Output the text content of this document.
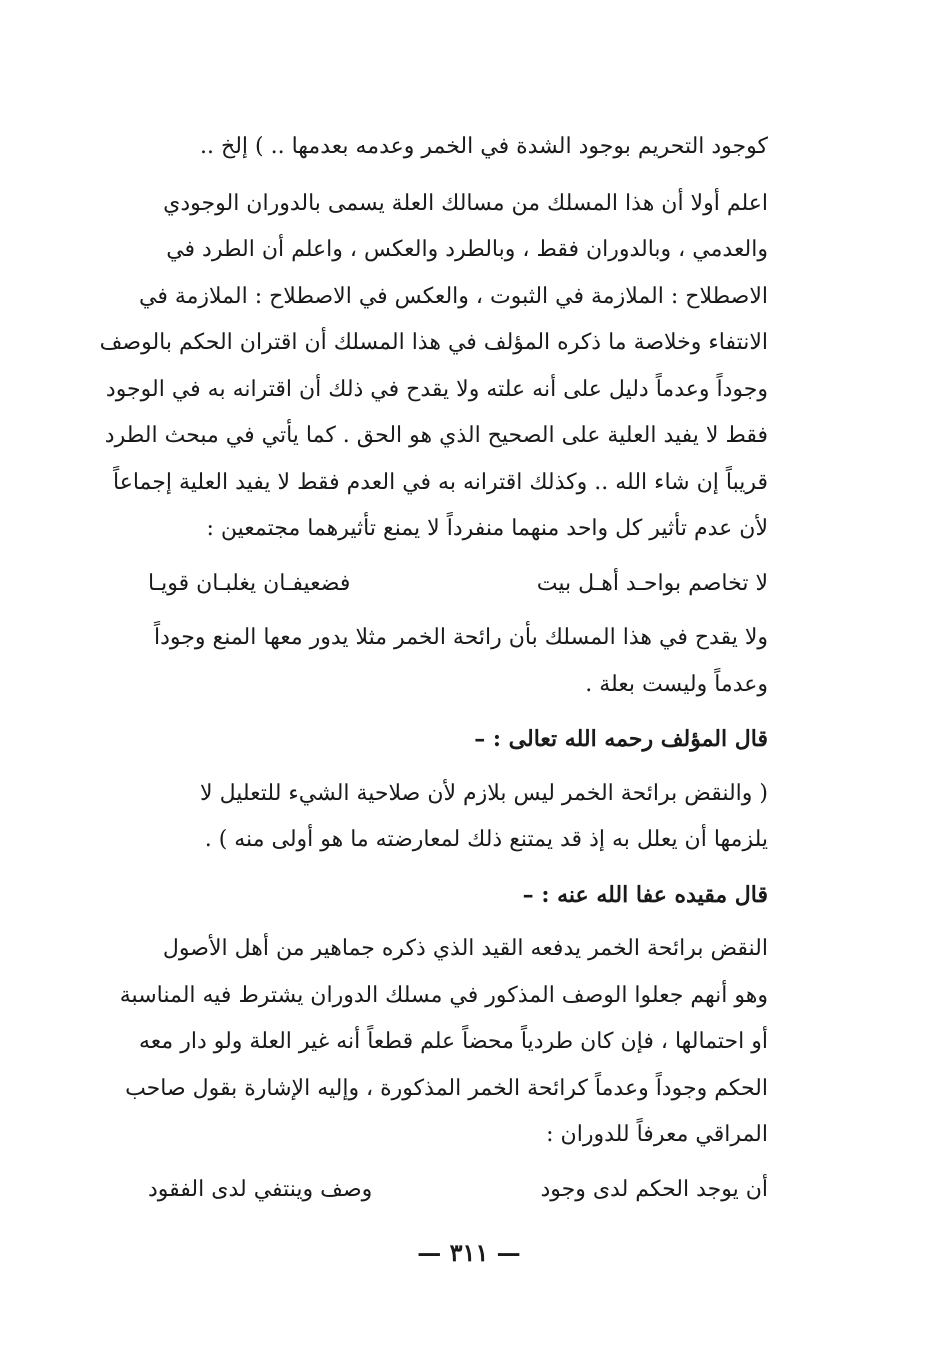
كوجود التحريم بوجود الشدة في الخمر وعدمه بعدمها .. ) إلخ ..
اعلم أولا أن هذا المسلك من مسالك العلة يسمى بالدوران الوجودي
والعدمي ، وبالدوران فقط ، وبالطرد والعكس ، واعلم أن الطرد في
الاصطلاح : الملازمة في الثبوت ، والعكس في الاصطلاح : الملازمة في
الانتفاء وخلاصة ما ذكره المؤلف في هذا المسلك أن اقتران الحكم بالوصف
وجوداً وعدماً دليل على أنه علته ولا يقدح في ذلك أن اقترانه به في الوجود
فقط لا يفيد العلية على الصحيح الذي هو الحق . كما يأتي في مبحث الطرد
قريباً إن شاء الله .. وكذلك اقترانه به في العدم فقط لا يفيد العلية إجماعاً
لأن عدم تأثير كل واحد منهما منفرداً لا يمنع تأثيرهما مجتمعين :
لا تخاصم بواحـد أهـل بيت
فضعيفـان يغلبـان قويـا
ولا يقدح في هذا المسلك بأن رائحة الخمر مثلا يدور معها المنع وجوداً
وعدماً وليست بعلة .
قال المؤلف رحمه الله تعالى : –
( والنقض برائحة الخمر ليس بلازم لأن صلاحية الشيء للتعليل لا
يلزمها أن يعلل به إذ قد يمتنع ذلك لمعارضته ما هو أولى منه ) .
قال مقيده عفا الله عنه : –
النقض برائحة الخمر يدفعه القيد الذي ذكره جماهير من أهل الأصول
وهو أنهم جعلوا الوصف المذكور في مسلك الدوران يشترط فيه المناسبة
أو احتمالها ، فإن كان طردياً محضاً علم قطعاً أنه غير العلة ولو دار معه
الحكم وجوداً وعدماً كرائحة الخمر المذكورة ، وإليه الإشارة بقول صاحب
المراقي معرفاً للدوران :
أن يوجد الحكم لدى وجود
وصف وينتفي لدى الفقود
— ٣١١ —
